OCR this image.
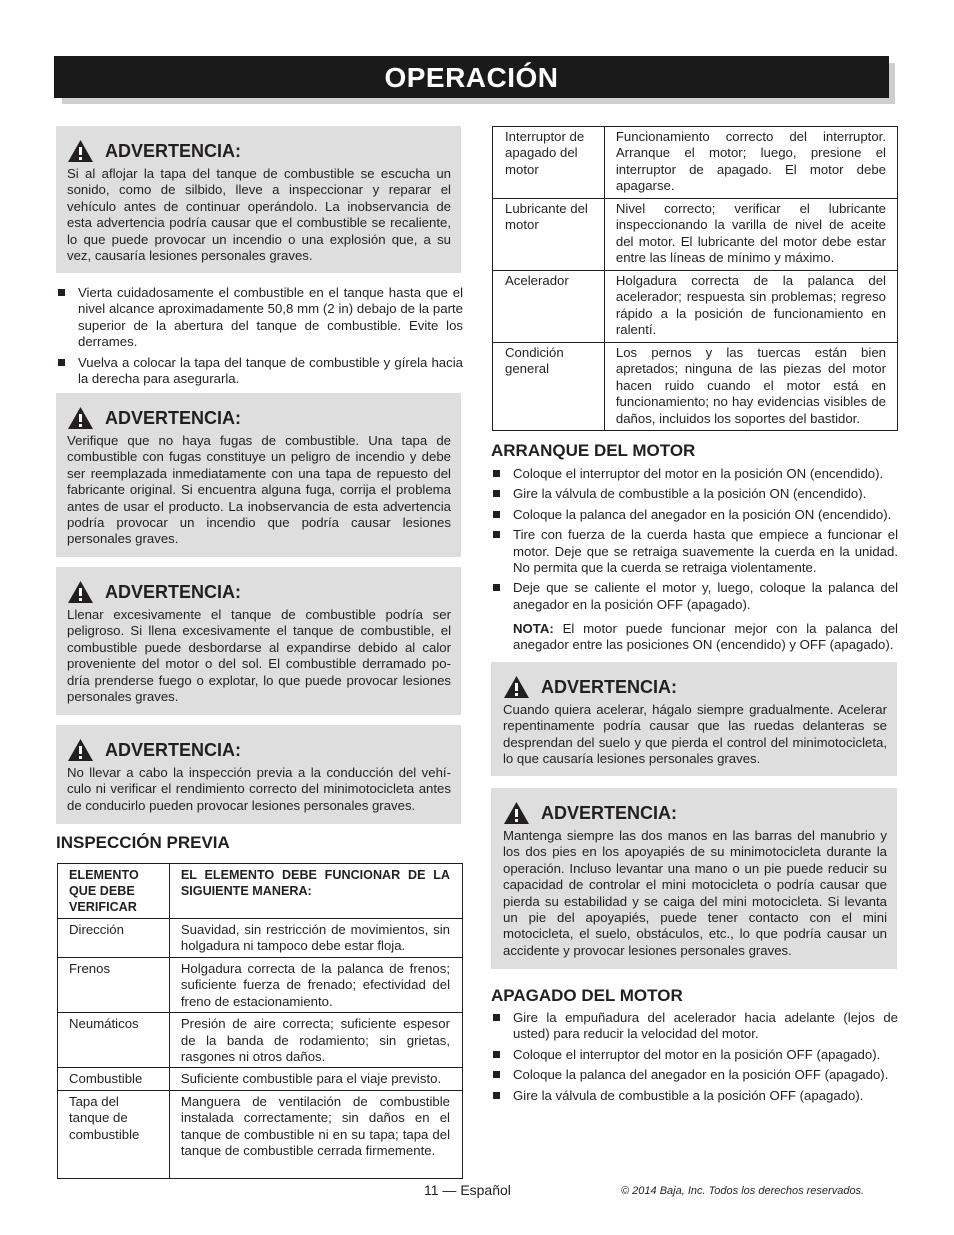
OPERACIÓN
ADVERTENCIA:

Si al aflojar la tapa del tanque de combustible se escucha un sonido, como de silbido, lleve a inspeccionar y reparar el vehículo antes de continuar operándolo. La inobservancia de esta advertencia podría causar que el combustible se recaliente, lo que puede provocar un incendio o una explosión que, a su vez, causaría lesiones personales graves.

Vierta cuidadosamente el combustible en el tanque hasta que el nivel alcance aproximadamente 50,8 mm (2 in) debajo de la parte superior de la abertura del tanque de combustible. Evite los derrames.
Vuelva a colocar la tapa del tanque de combustible y gírela hacia la derecha para asegurarla.
ADVERTENCIA:

Verifique que no haya fugas de combustible. Una tapa de combustible con fugas constituye un peligro de incendio y debe ser reemplazada inmediatamente con una tapa de repuesto del fabricante original. Si encuentra alguna fuga, corrija el problema antes de usar el producto. La inobservancia de esta advertencia podría provocar un incendio que podría causar lesiones personales graves.

ADVERTENCIA:

Llenar excesivamente el tanque de combustible podría ser peligroso. Si llena excesivamente el tanque de combustible, el combustible puede desbordarse al expandirse debido al calor proveniente del motor o del sol. El combustible derramado po-dría prenderse fuego o explotar, lo que puede provocar lesiones personales graves.

ADVERTENCIA:

No llevar a cabo la inspección previa a la conducción del vehí-culo ni verificar el rendimiento correcto del minimotocicleta antes de conducirlo pueden provocar lesiones personales graves.

INSPECCIÓN PREVIA
ELEMENTO QUE DEBE VERIFICAR	EL ELEMENTO DEBE FUNCIONAR DE LA SIGUIENTE MANERA:
Dirección	Suavidad, sin restricción de movimientos, sin holgadura ni tampoco debe estar floja.
Frenos	Holgadura correcta de la palanca de frenos; suficiente fuerza de frenado; efectividad del freno de estacionamiento.
Neumáticos	Presión de aire correcta; suficiente espesor de la banda de rodamiento; sin grietas, rasgones ni otros daños.
Combustible	Suficiente combustible para el viaje previsto.
Tapa del tanque de combustible	Manguera de ventilación de combustible instalada correctamente; sin daños en el tanque de combustible ni en su tapa; tapa del tanque de combustible cerrada firmemente.
Interruptor de apagado del motor	Funcionamiento correcto del interruptor. Arranque el motor; luego, presione el interruptor de apagado. El motor debe apagarse.
Lubricante del motor	Nivel correcto; verificar el lubricante inspeccionando la varilla de nivel de aceite del motor. El lubricante del motor debe estar entre las líneas de mínimo y máximo.
Acelerador	Holgadura correcta de la palanca del acelerador; respuesta sin problemas; regreso rápido a la posición de funcionamiento en ralentí.
Condición general	Los pernos y las tuercas están bien apretados; ninguna de las piezas del motor hacen ruido cuando el motor está en funcionamiento; no hay evidencias visibles de daños, incluidos los soportes del bastidor.
ARRANQUE DEL MOTOR
Coloque el interruptor del motor en la posición ON (encendido).
Gire la válvula de combustible a la posición ON (encendido).
Coloque la palanca del anegador en la posición ON (encendido).
Tire con fuerza de la cuerda hasta que empiece a funcionar el motor. Deje que se retraiga suavemente la cuerda en la unidad. No permita que la cuerda se retraiga violentamente.
Deje que se caliente el motor y, luego, coloque la palanca del anegador en la posición OFF (apagado).

NOTA: El motor puede funcionar mejor con la palanca del anegador entre las posiciones ON (encendido) y OFF (apagado).

ADVERTENCIA:

Cuando quiera acelerar, hágalo siempre gradualmente. Acelerar repentinamente podría causar que las ruedas delanteras se desprendan del suelo y que pierda el control del minimotocicleta, lo que causaría lesiones personales graves.

ADVERTENCIA:

Mantenga siempre las dos manos en las barras del manubrio y los dos pies en los apoyapiés de su minimotocicleta durante la operación. Incluso levantar una mano o un pie puede reducir su capacidad de controlar el mini motocicleta o podría causar que pierda su estabilidad y se caiga del mini motocicleta. Si levanta un pie del apoyapiés, puede tener contacto con el mini motocicleta, el suelo, obstáculos, etc., lo que podría causar un accidente y provocar lesiones personales graves.

APAGADO DEL MOTOR
Gire la empuñadura del acelerador hacia adelante (lejos de usted) para reducir la velocidad del motor.
Coloque el interruptor del motor en la posición OFF (apagado).
Coloque la palanca del anegador en la posición OFF (apagado).
Gire la válvula de combustible a la posición OFF (apagado).
11 — Español	© 2014 Baja, Inc. Todos los derechos reservados.
